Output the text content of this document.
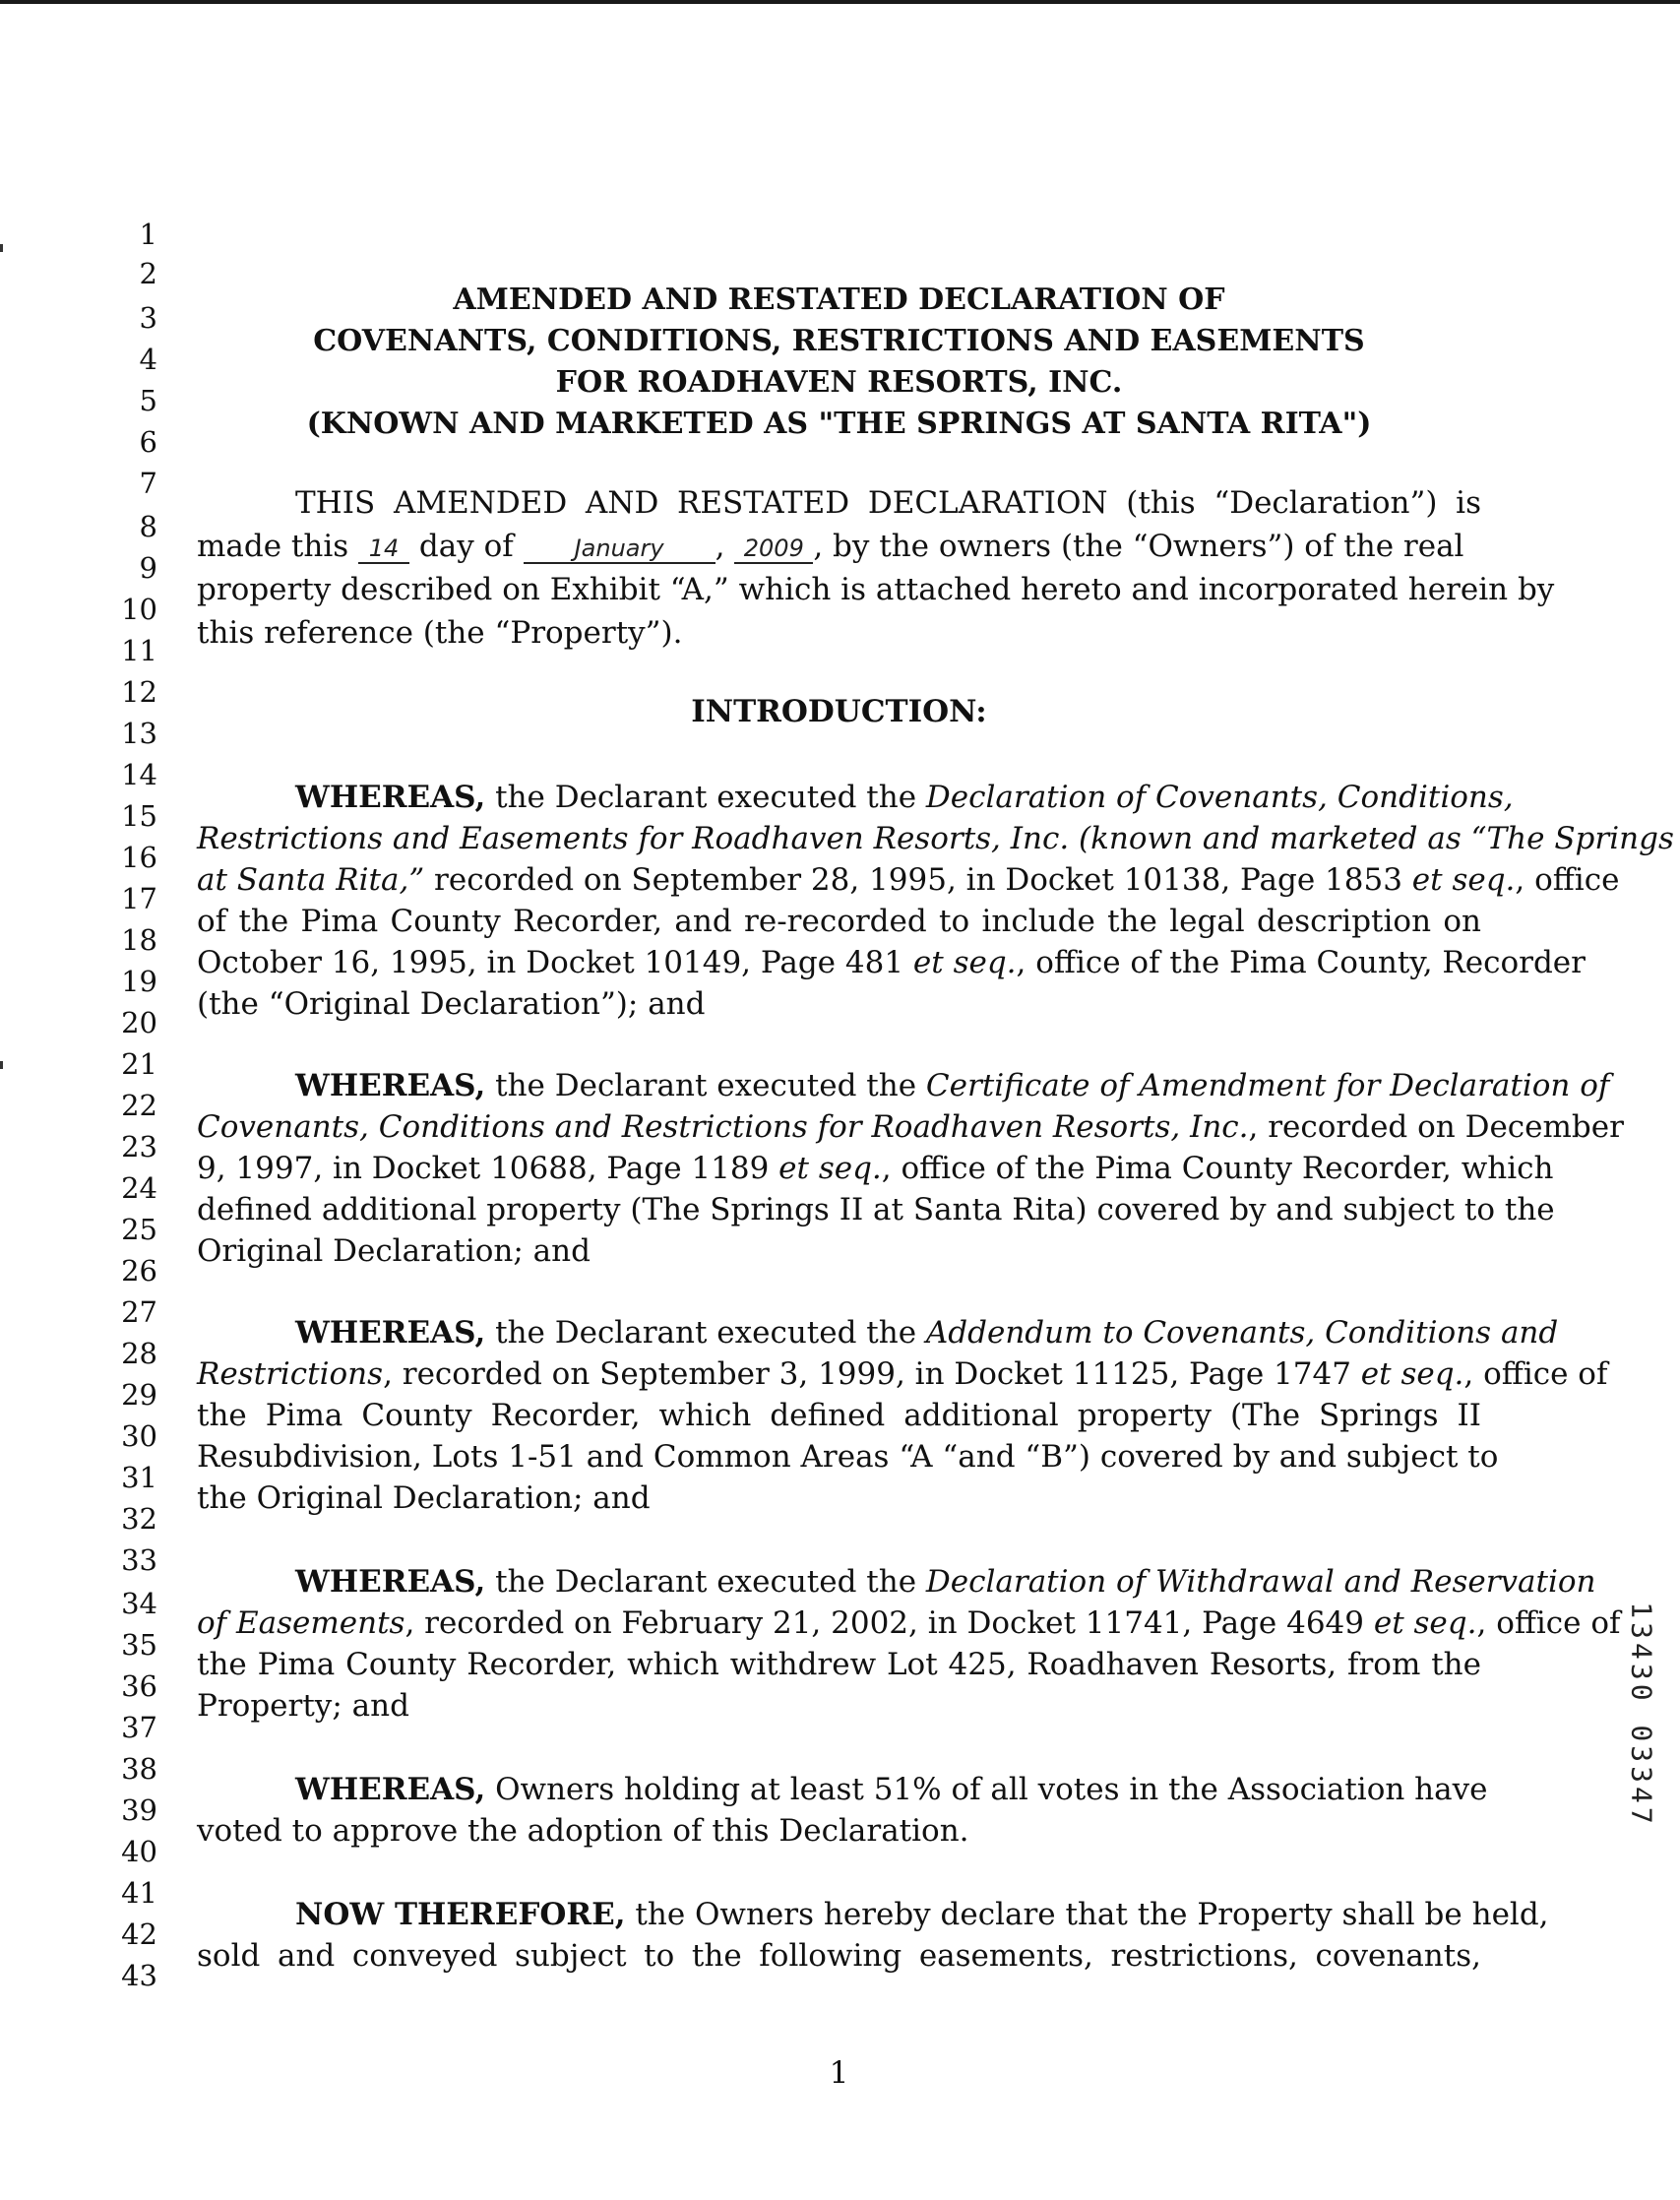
1
2
3
4
5
6
7
8
9
10
11
12
13
14
15
16
17
18
19
20
21
22
23
24
25
26
27
28
29
30
31
32
33
34
35
36
37
38
39
40
41
42
43
AMENDED AND RESTATED DECLARATION OF
COVENANTS, CONDITIONS, RESTRICTIONS AND EASEMENTS
FOR ROADHAVEN RESORTS, INC.
(KNOWN AND MARKETED AS "THE SPRINGS AT SANTA RITA")
THIS AMENDED AND RESTATED DECLARATION (this “Declaration”) is
made this 14 day of	January , 2009 , by the owners (the “Owners”) of the real
property described on Exhibit “A,” which is attached hereto and incorporated herein by
this reference (the “Property”).
INTRODUCTION:
WHEREAS, the Declarant executed the Declaration of Covenants, Conditions,
Restrictions and Easements for Roadhaven Resorts, Inc. (known and marketed as “The Springs
at Santa Rita,” recorded on September 28, 1995, in Docket 10138, Page 1853 et seq., office
of the Pima County Recorder, and re-recorded to include the legal description on
October 16, 1995, in Docket 10149, Page 481 et seq., office of the Pima County, Recorder
(the “Original Declaration”); and
WHEREAS, the Declarant executed the Certificate of Amendment for Declaration of
Covenants, Conditions and Restrictions for Roadhaven Resorts, Inc., recorded on December
9, 1997, in Docket 10688, Page 1189 et seq., office of the Pima County Recorder, which
defined additional property (The Springs II at Santa Rita) covered by and subject to the
Original Declaration; and
WHEREAS, the Declarant executed the Addendum to Covenants, Conditions and
Restrictions, recorded on September 3, 1999, in Docket 11125, Page 1747 et seq., office of
the Pima County Recorder, which defined additional property (The Springs II
Resubdivision, Lots 1-51 and Common Areas “A “and “B”) covered by and subject to
the Original Declaration; and
WHEREAS, the Declarant executed the Declaration of Withdrawal and Reservation
of Easements, recorded on February 21, 2002, in Docket 11741, Page 4649 et seq., office of
the Pima County Recorder, which withdrew Lot 425, Roadhaven Resorts, from the
Property; and
WHEREAS, Owners holding at least 51% of all votes in the Association have
voted to approve the adoption of this Declaration.
NOW THEREFORE, the Owners hereby declare that the Property shall be held,
sold and conveyed subject to the following easements, restrictions, covenants,
1
13430 03347
